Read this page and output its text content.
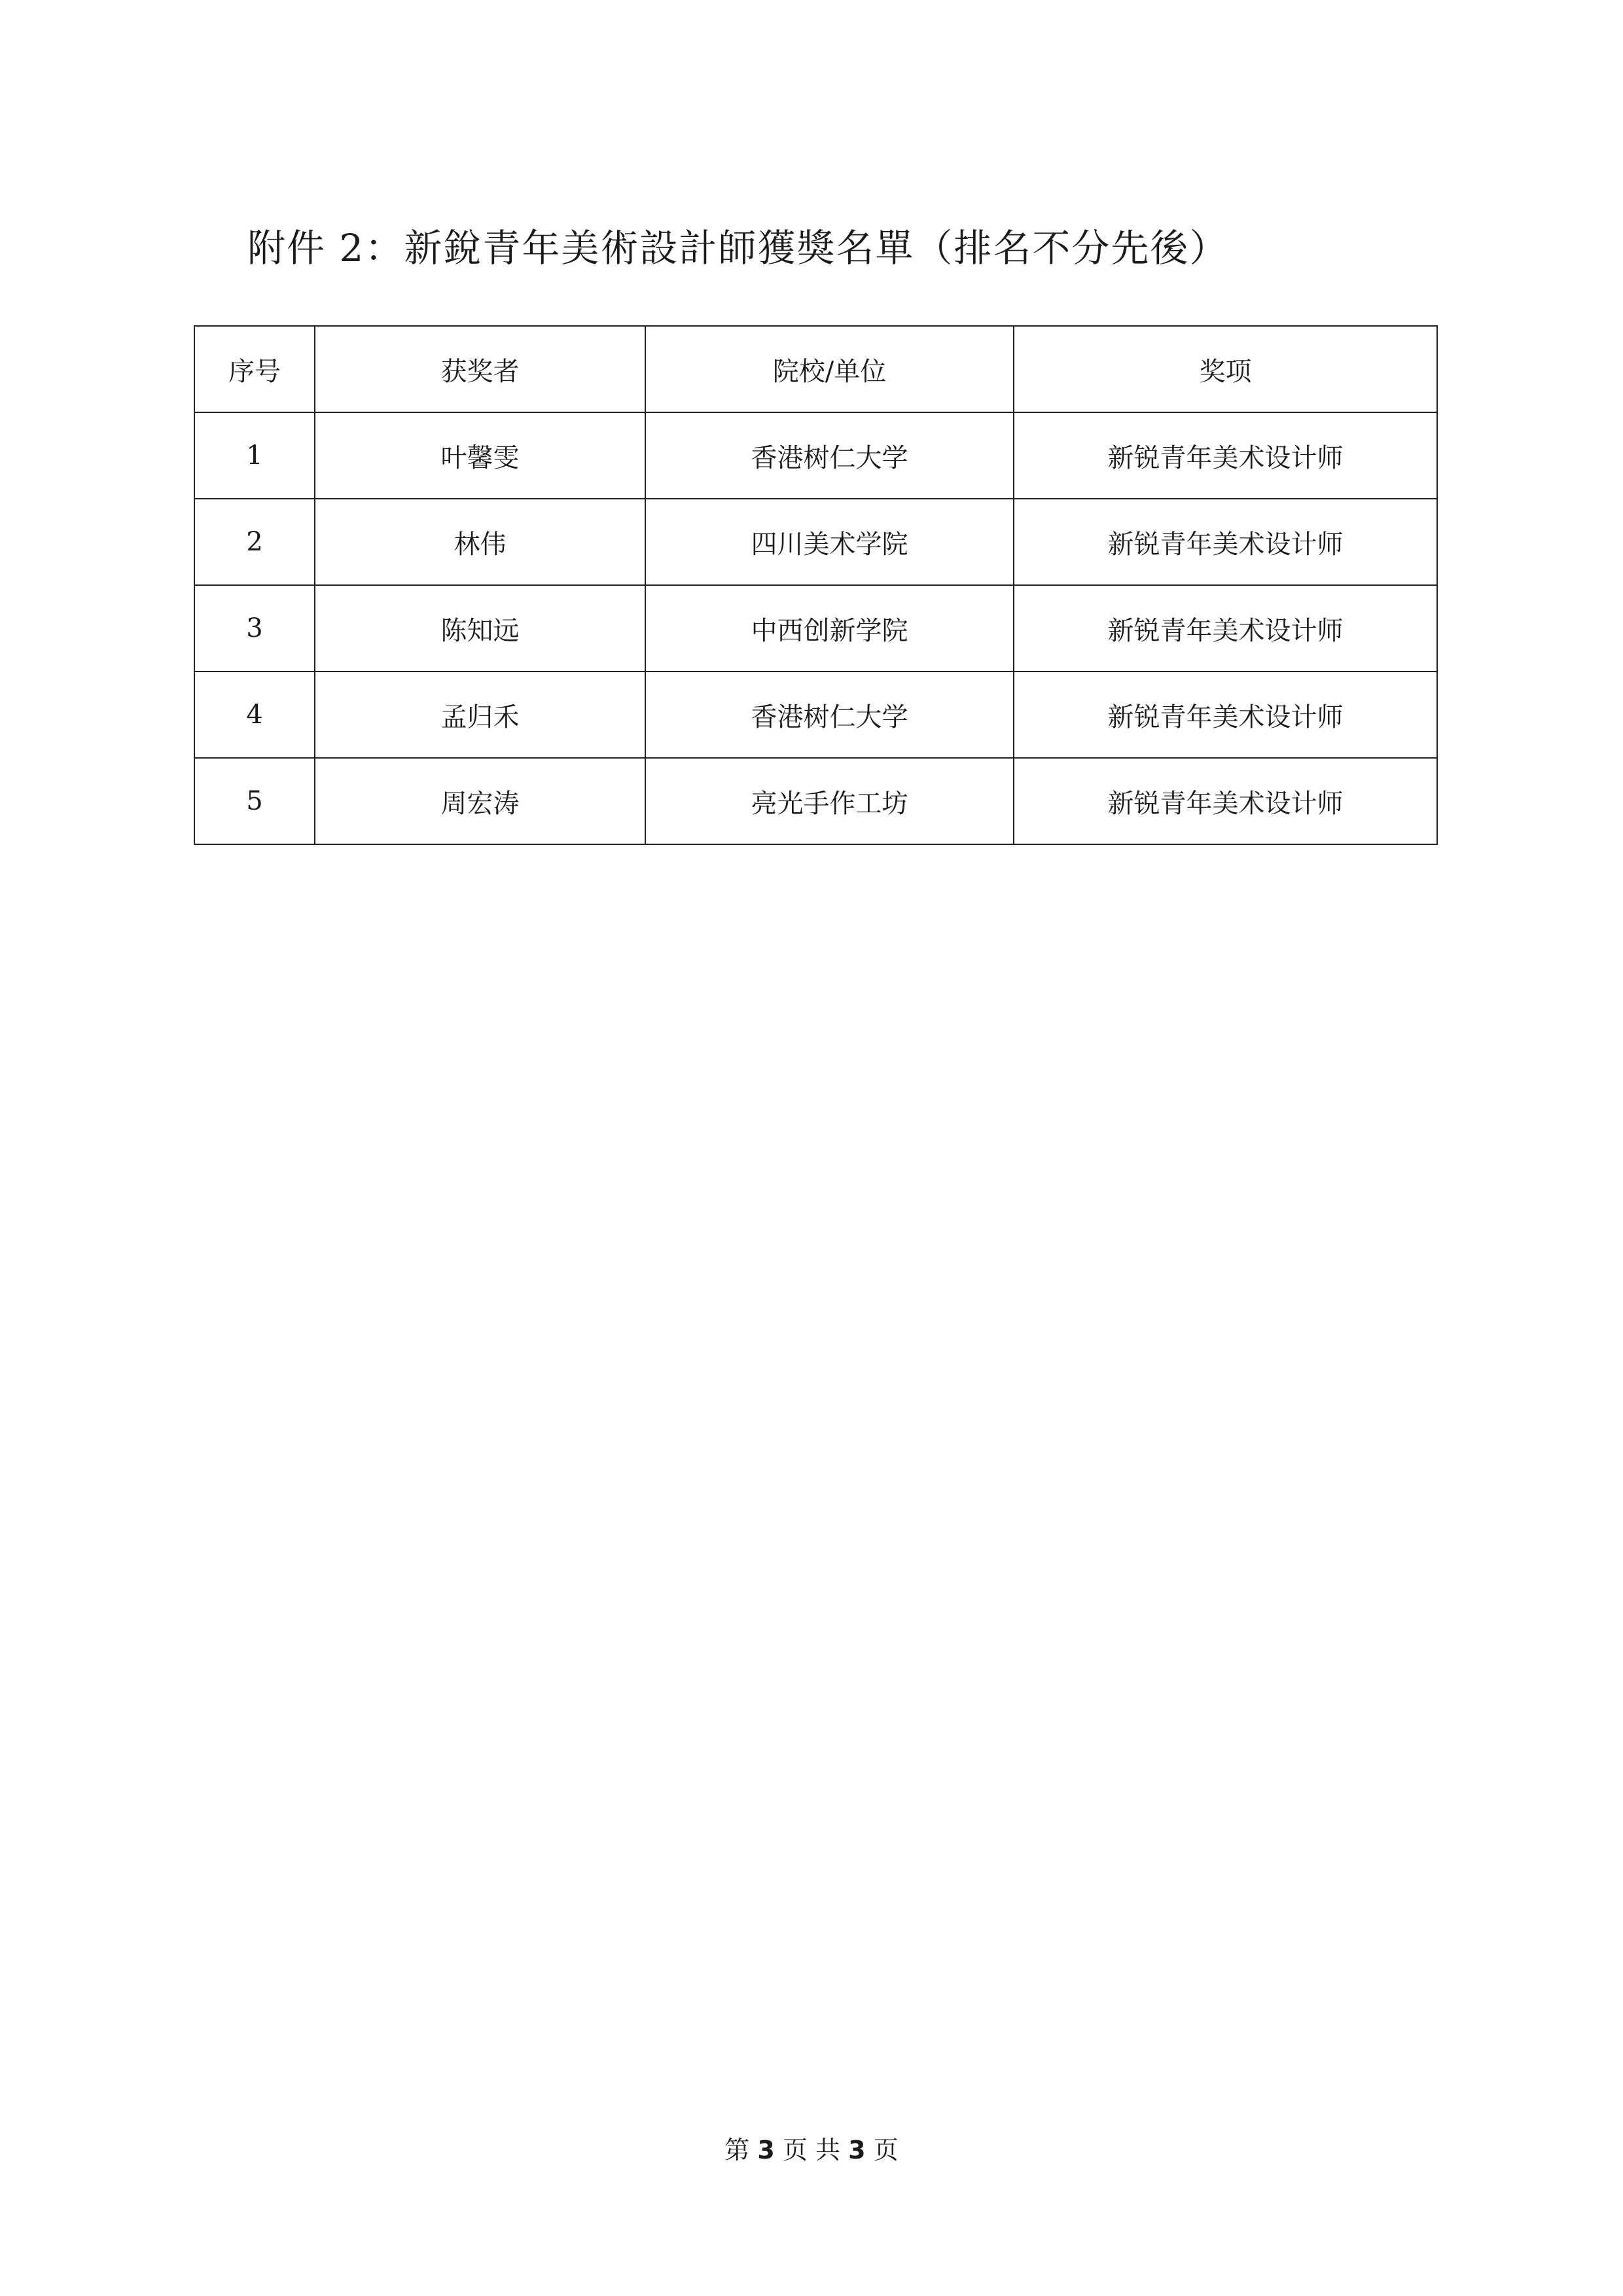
附件 2：新銳青年美術設計師獲獎名單（排名不分先後）
序号	获奖者	院校/单位	奖项
1	叶馨雯	香港树仁大学	新锐青年美术设计师
2	林伟	四川美术学院	新锐青年美术设计师
3	陈知远	中西创新学院	新锐青年美术设计师
4	孟归禾	香港树仁大学	新锐青年美术设计师
5	周宏涛	亮光手作工坊	新锐青年美术设计师
第 3 页 共 3 页
